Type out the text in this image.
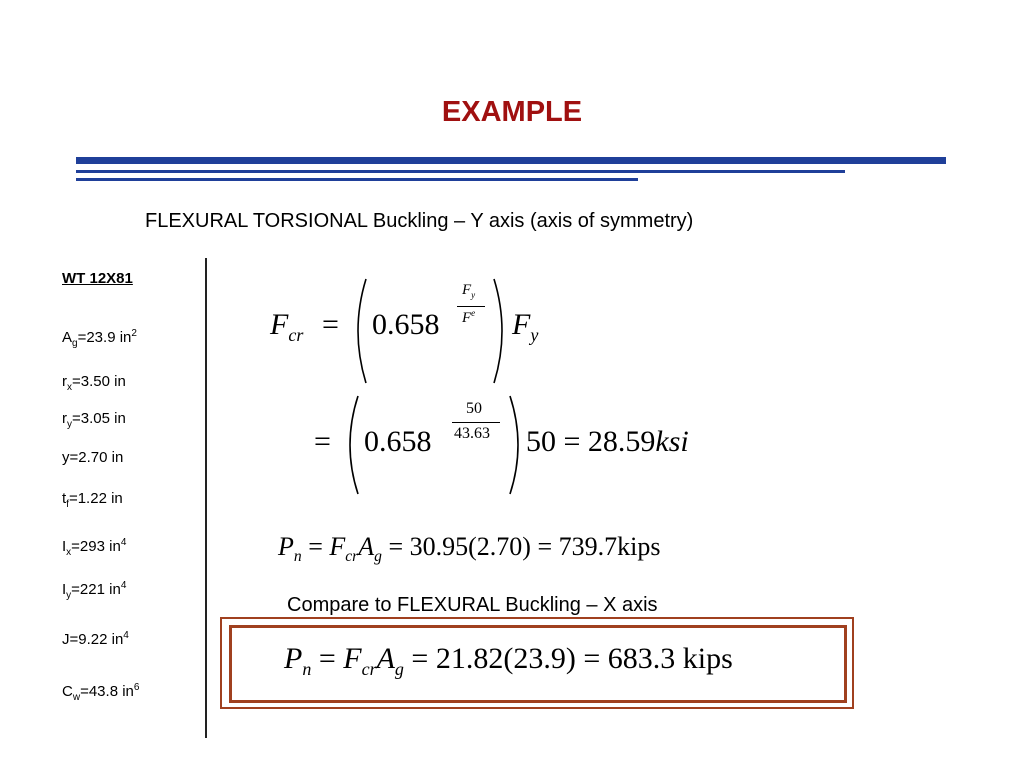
EXAMPLE
FLEXURAL TORSIONAL Buckling – Y axis (axis of symmetry)
WT 12X81
$A_g=23.9$ $in^2$
$r_x=3.50$ in
$r_y=3.05$ in
y=2.70 in
$t_f=1.22$ in
$I_x=293$ $in^4$
$I_y=221$ $in^4$
J=9.22 $in^4$
$C_w=43.8$ $in^6$
$F_{cr} = 0.658$
$F_y$
$F^e$ $F_y$
= 0.658
50
43.63 50 = 28.59ksi
$P_n = F_{cr}A_g = 30.95(2.70)$ = 739.7kips
Compare to FLEXURAL Buckling – X axis
$P_n = F_{cr}A_g = 21.82(23.9) = 683.3$ kips
